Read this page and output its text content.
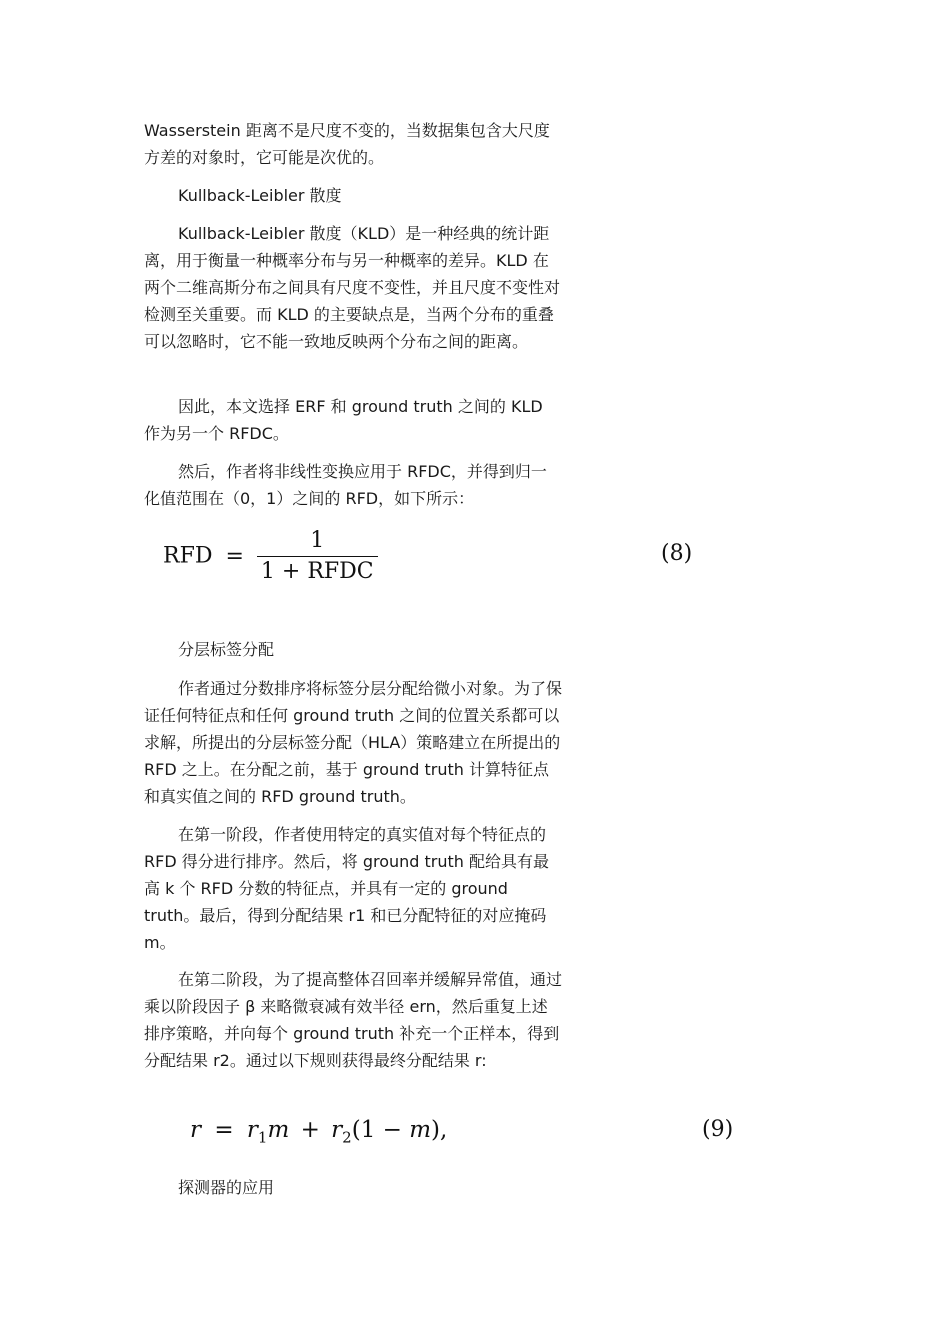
Wasserstein 距离不是尺度不变的，当数据集包含大尺度方差的对象时，它可能是次优的。

Kullback-Leibler 散度

Kullback-Leibler 散度（KLD）是一种经典的统计距离，用于衡量一种概率分布与另一种概率的差异。KLD 在两个二维高斯分布之间具有尺度不变性，并且尺度不变性对检测至关重要。而 KLD 的主要缺点是，当两个分布的重叠可以忽略时，它不能一致地反映两个分布之间的距离。

因此，本文选择 ERF 和 ground truth 之间的 KLD 作为另一个 RFDC。

然后，作者将非线性变换应用于 RFDC，并得到归一化值范围在（0，1）之间的 RFD，如下所示：

分层标签分配

作者通过分数排序将标签分层分配给微小对象。为了保证任何特征点和任何 ground truth 之间的位置关系都可以求解，所提出的分层标签分配（HLA）策略建立在所提出的 RFD 之上。在分配之前，基于 ground truth 计算特征点和真实值之间的 RFD ground truth。

在第一阶段，作者使用特定的真实值对每个特征点的 RFD 得分进行排序。然后，将 ground truth 配给具有最高 k 个 RFD 分数的特征点，并具有一定的 ground truth。最后，得到分配结果 r1 和已分配特征的对应掩码 m。

在第二阶段，为了提高整体召回率并缓解异常值，通过乘以阶段因子 β 来略微衰减有效半径 ern，然后重复上述排序策略，并向每个 ground truth 补充一个正样本，得到分配结果 r2。通过以下规则获得最终分配结果 r:

探测器的应用

RFD = $\frac{1}{\text{1 + RFDC}}$	(8)
$r = r_1m + r_2(1 - m)$,	(9)
